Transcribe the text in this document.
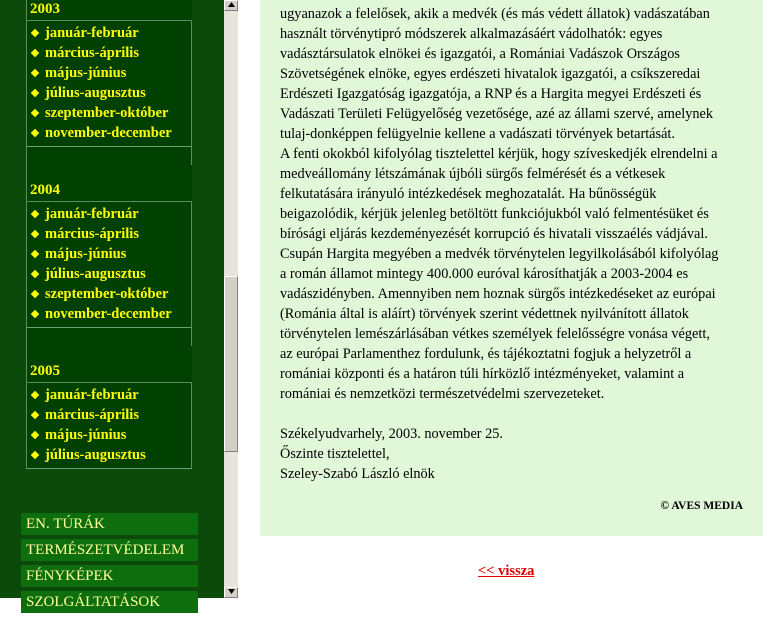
2003
január-február
március-április
május-június
július-augusztus
szeptember-október
november-december
2004
január-február
március-április
május-június
július-augusztus
szeptember-október
november-december
2005
január-február
március-április
május-június
július-augusztus
EN. TÚRÁK
TERMÉSZETVÉDELEM
FÉNYKÉPEK
SZOLGÁLTATÁSOK

ugyanazok a felelősek, akik a medvék (és más védett állatok) vadászatában

használt törvénytipró módszerek alkalmazásáért vádolhatók: egyes

vadásztársulatok elnökei és igazgatói, a Romániai Vadászok Országos

Szövetségének elnöke, egyes erdészeti hivatalok igazgatói, a csíkszeredai

Erdészeti Igazgatóság igazgatója, a RNP és a Hargita megyei Erdészeti és

Vadászati Területi Felügyelőség vezetősége, azé az állami szervé, amelynek

tulaj-donképpen felügyelnie kellene a vadászati törvények betartását.

A fenti okokból kifolyólag tisztelettel kérjük, hogy szíveskedjék elrendelni a

medveállomány létszámának újbóli sürgős felmérését és a vétkesek

felkutatására irányuló intézkedések meghozatalát. Ha bűnösségük

beigazolódik, kérjük jelenleg betöltött funkciójukból való felmentésüket és

bírósági eljárás kezdeményezését korrupció és hivatali visszaélés vádjával.

Csupán Hargita megyében a medvék törvénytelen legyilkolásából kifolyólag

a román államot mintegy 400.000 euróval károsíthatják a 2003-2004 es

vadászidényben. Amennyiben nem hoznak sürgős intézkedéseket az európai

(Románia által is aláírt) törvények szerint védettnek nyilvánított állatok

törvénytelen lemészárlásában vétkes személyek felelősségre vonása végett,

az európai Parlamenthez fordulunk, és tájékoztatni fogjuk a helyzetről a

romániai központi és a határon túli hírközlő intézményeket, valamint a

romániai és nemzetközi természetvédelmi szervezeteket.

Székelyudvarhely, 2003. november 25.

Őszinte tisztelettel,

Szeley-Szabó László elnök

© AVES MEDIA
<< vissza
